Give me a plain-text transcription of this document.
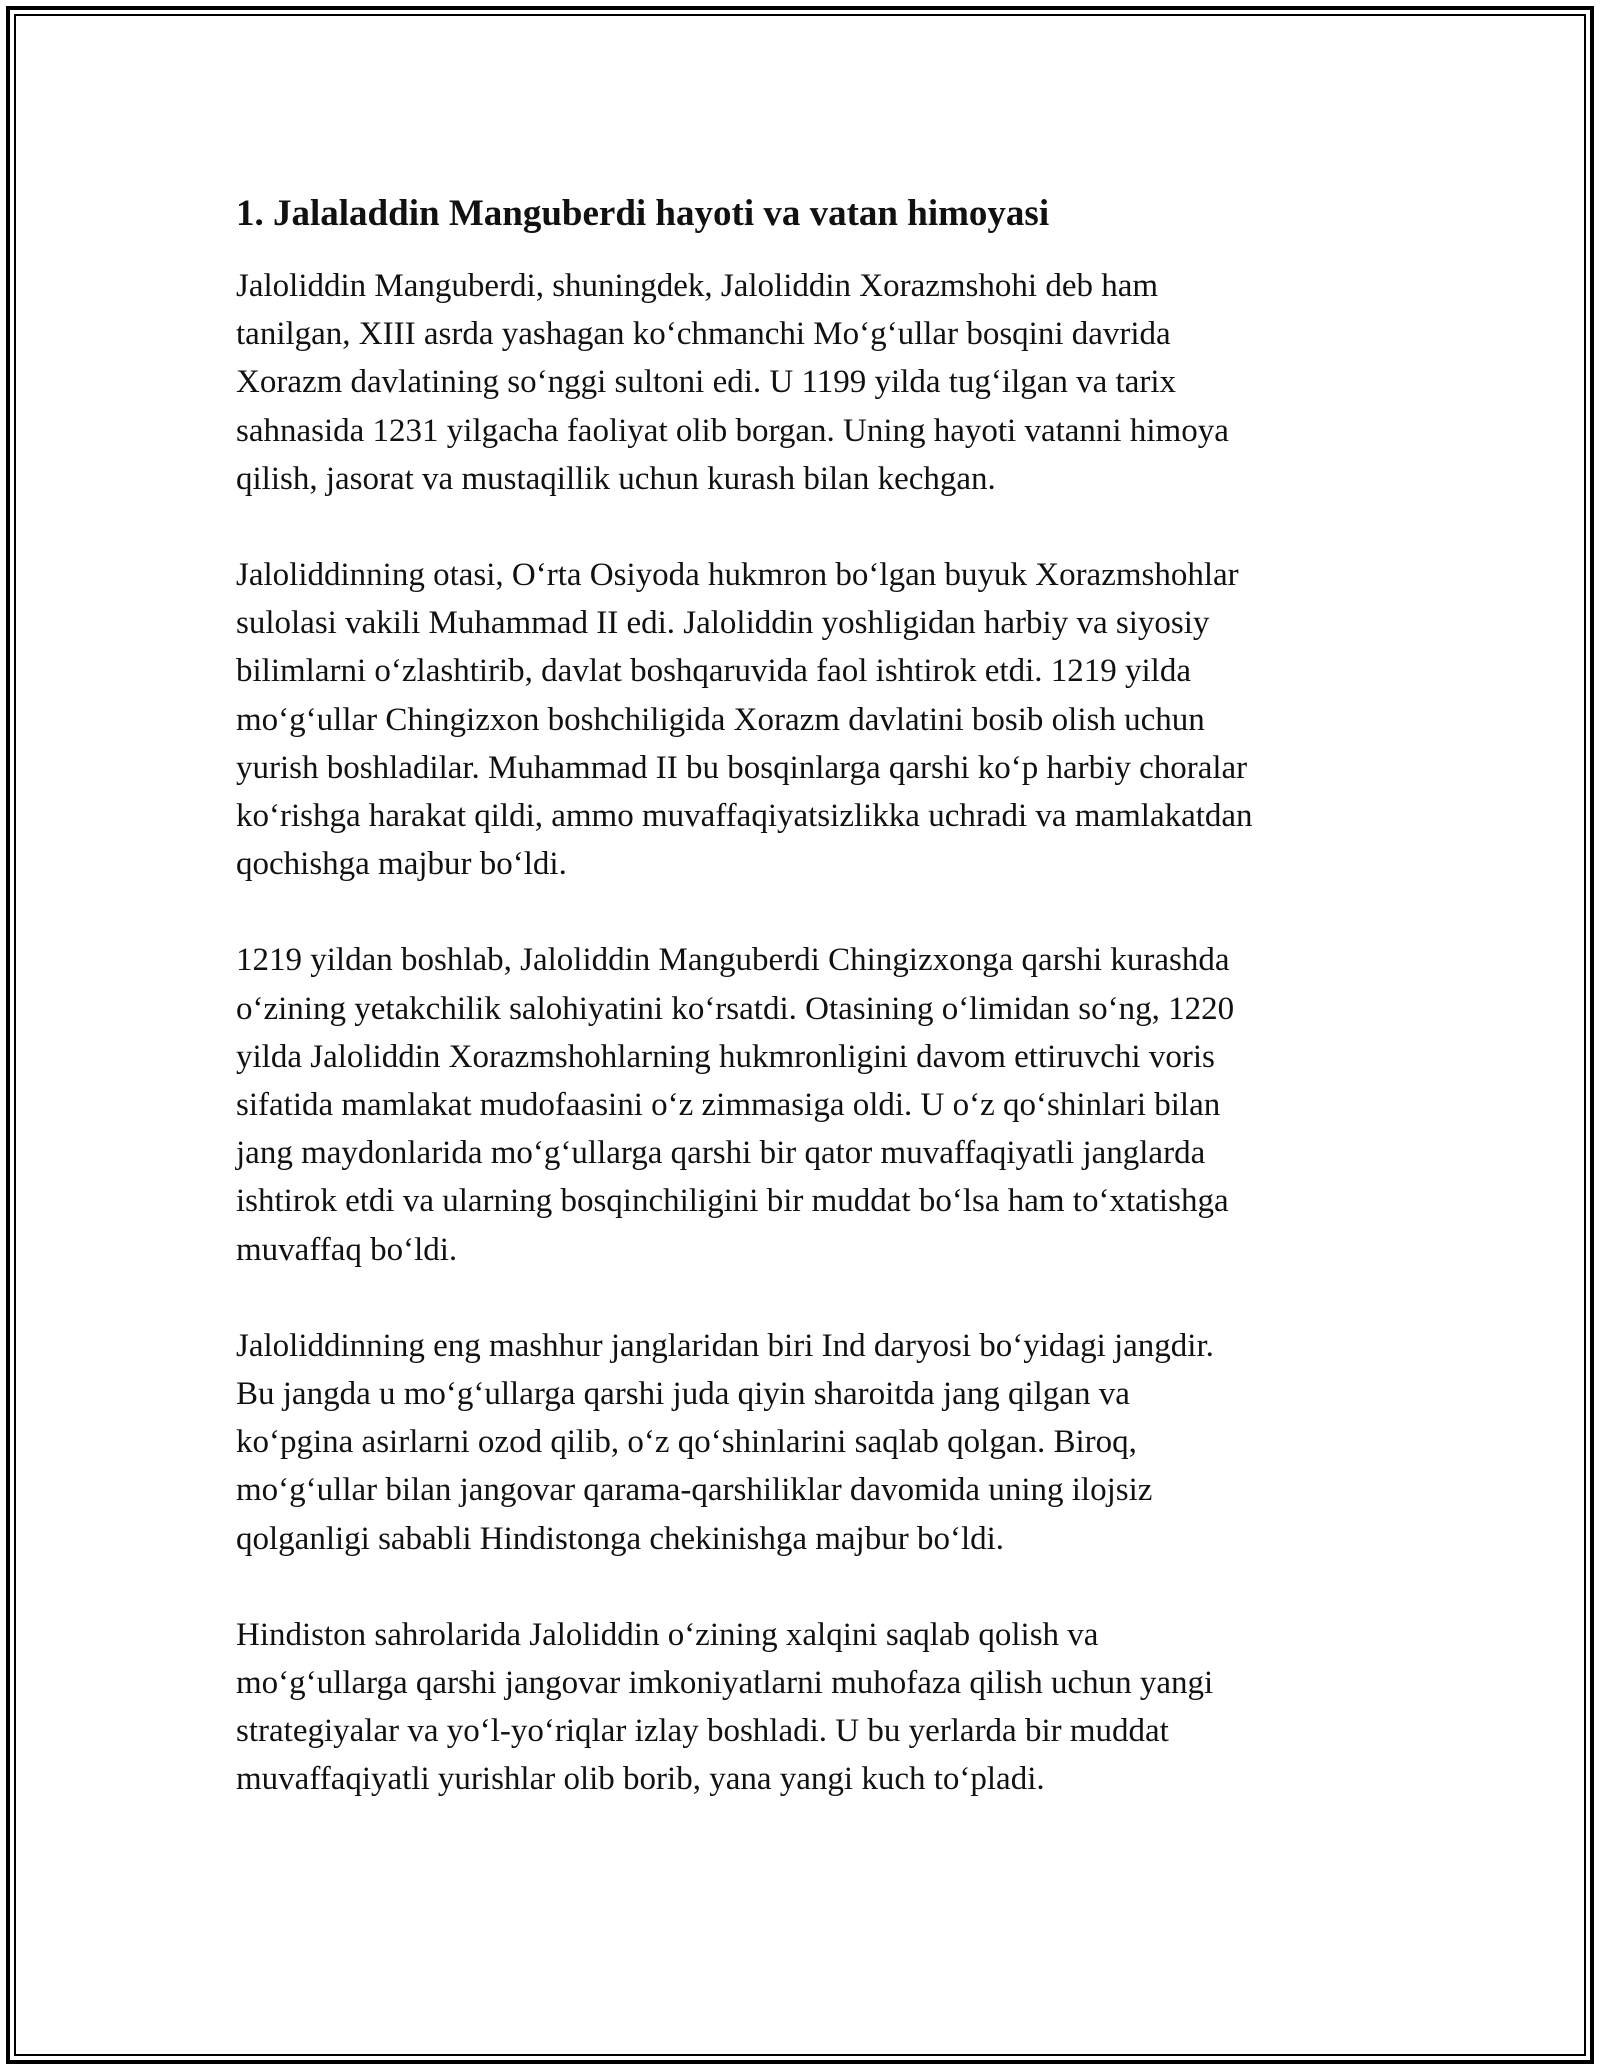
1. Jalaladdin Manguberdi hayoti va vatan himoyasi

Jaloliddin Manguberdi, shuningdek, Jaloliddin Xorazmshohi deb ham
tanilgan, XIII asrda yashagan koʻchmanchi Moʻgʻullar bosqini davrida
Xorazm davlatining soʻnggi sultoni edi. U 1199 yilda tugʻilgan va tarix
sahnasida 1231 yilgacha faoliyat olib borgan. Uning hayoti vatanni himoya
qilish, jasorat va mustaqillik uchun kurash bilan kechgan.

Jaloliddinning otasi, Oʻrta Osiyoda hukmron boʻlgan buyuk Xorazmshohlar
sulolasi vakili Muhammad II edi. Jaloliddin yoshligidan harbiy va siyosiy
bilimlarni oʻzlashtirib, davlat boshqaruvida faol ishtirok etdi. 1219 yilda
moʻgʻullar Chingizxon boshchiligida Xorazm davlatini bosib olish uchun
yurish boshladilar. Muhammad II bu bosqinlarga qarshi koʻp harbiy choralar
koʻrishga harakat qildi, ammo muvaffaqiyatsizlikka uchradi va mamlakatdan
qochishga majbur boʻldi.

1219 yildan boshlab, Jaloliddin Manguberdi Chingizxonga qarshi kurashda
oʻzining yetakchilik salohiyatini koʻrsatdi. Otasining oʻlimidan soʻng, 1220
yilda Jaloliddin Xorazmshohlarning hukmronligini davom ettiruvchi voris
sifatida mamlakat mudofaasini oʻz zimmasiga oldi. U oʻz qoʻshinlari bilan
jang maydonlarida moʻgʻullarga qarshi bir qator muvaffaqiyatli janglarda
ishtirok etdi va ularning bosqinchiligini bir muddat boʻlsa ham toʻxtatishga
muvaffaq boʻldi.

Jaloliddinning eng mashhur janglaridan biri Ind daryosi boʻyidagi jangdir.
Bu jangda u moʻgʻullarga qarshi juda qiyin sharoitda jang qilgan va
koʻpgina asirlarni ozod qilib, oʻz qoʻshinlarini saqlab qolgan. Biroq,
moʻgʻullar bilan jangovar qarama-qarshiliklar davomida uning ilojsiz
qolganligi sababli Hindistonga chekinishga majbur boʻldi.

Hindiston sahrolarida Jaloliddin oʻzining xalqini saqlab qolish va
moʻgʻullarga qarshi jangovar imkoniyatlarni muhofaza qilish uchun yangi
strategiyalar va yoʻl-yoʻriqlar izlay boshladi. U bu yerlarda bir muddat
muvaffaqiyatli yurishlar olib borib, yana yangi kuch toʻpladi.
